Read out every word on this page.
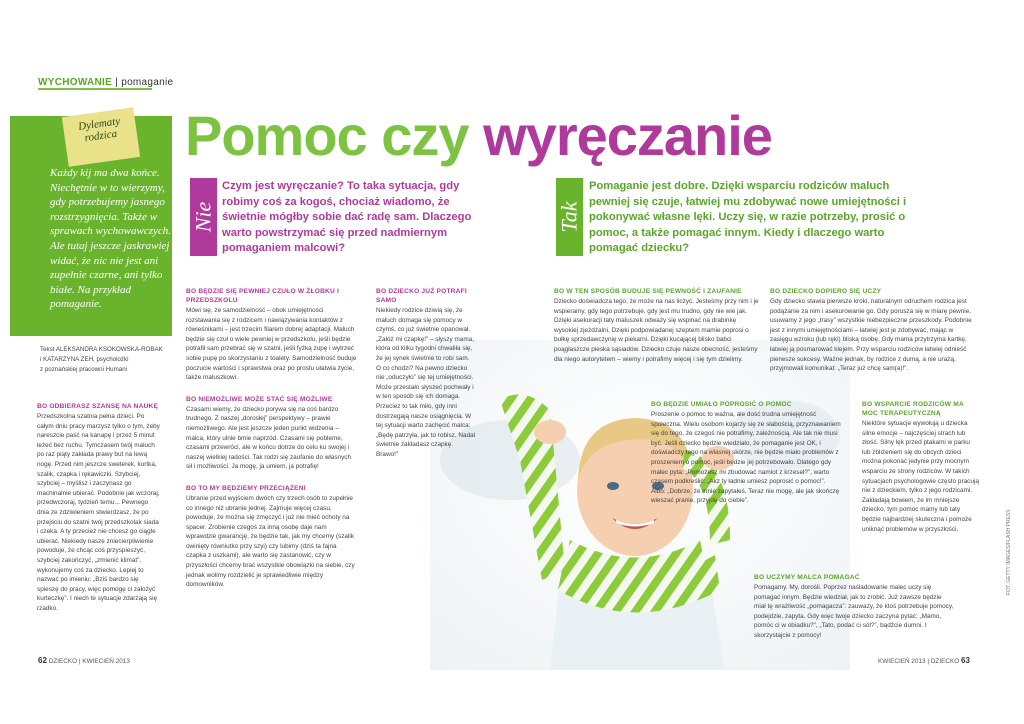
WYCHOWANIE | pomaganie
Dylematy rodzica
Każdy kij ma dwa końce. Niechętnie w to wierzymy, gdy potrzebujemy jasnego rozstrzygnięcia. Także w sprawach wychowawczych. Ale tutaj jeszcze jaskrawiej widać, że nic nie jest ani zupełnie czarne, ani tylko białe. Na przykład pomaganie.
Tekst ALEKSANDRA KSOKOWSKA-ROBAK
i KATARZYNA ZEH, psycholożki
z poznańskiej pracowni Humani
Pomoc czy wyręczanie
Nie
Czym jest wyręczanie? To taka sytuacja, gdy robimy coś za kogoś, chociaż wiadomo, że świetnie mógłby sobie dać radę sam. Dlaczego warto powstrzymać się przed nadmiernym pomaganiem malcowi?
Tak
Pomaganie jest dobre. Dzięki wsparciu rodziców maluch pewniej się czuje, łatwiej mu zdobywać nowe umiejętności i pokonywać własne lęki. Uczy się, w razie potrzeby, prosić o pomoc, a także pomagać innym. Kiedy i dlaczego warto pomagać dziecku?
BO ODBIERASZ SZANSĘ NA NAUKĘ

Przedszkolna szatnia pełna dzieci. Po całym dniu pracy marzysz tylko o tym, żeby nareszcie paść na kanapę i przez 5 minut leżeć bez ruchu. Tymczasem twój maluch po raz piąty zakłada prawy but na lewą nogę. Przed nim jeszcze sweterek, kurtka, szalik, czapka i rękawiczki. Szybciej, szybciej – myślisz i zaczynasz go machinalnie ubierać. Podobnie jak wczoraj, przedwczoraj, tydzień temu... Pewnego dnia ze zdziwieniem stwierdzasz, że po przejściu do szatni twój przedszkolak siada i czeka. A ty przecież nie chcesz go ciągle ubierać. Niekiedy nasze zniecierpliwienie powoduje, że chcąc coś przyspieszyć, szybciej zakończyć, „zmienić klimat”, wykonujemy coś za dziecko. Lepiej to nazwać po imieniu: „Bziś bardzo się spieszę do pracy, więc pomogę ci założyć kurteczkę”. I niech te sytuacje zdarzają się rzadko.

BO BĘDZIE SIĘ PEWNIEJ CZUŁO W ŻŁOBKU I PRZEDSZKOLU

Mówi się, że samodzielność – obok umiejętności rozstawania się z rodzicem i nawiązywania kontaktów z rówieśnikami – jest trzecim filarem dobrej adaptacji. Maluch będzie się czuł o wiele pewniej w przedszkolu, jeśli będzie potrafił sam przebrać się w szatni, jeśli fyżką zupę i wytrzeć sobie pupę po skorzystaniu z toalety. Samodzielność buduje poczucie wartości i sprawstwa oraz po prostu ułatwia życie, także maluszkowi.

BO NIEMOŻLIWE MOŻE STAĆ SIĘ MOŻLIWE

Czasami wiemy, że dziecko porywa się na coś bardzo trudnego. Z naszej „dorosłej” perspektywy – prawie niemożliwego. Ale jest jeszcze jeden punkt widzenia – malca, który ulnie bmie naprzód. Czasami się pobleme, czasami przewróci, ale w końcu dotrze do celu ku swojej i naszej wielkiej radości. Tak rodzi się zaufanie do własnych sił i możliwości. Ja mogę, ja umiem, ja potrafię!

BO TO MY BĘDZIEMY PRZECIĄŻENI

Ubranie przed wyjściem dwóch czy trzech osób to zupełnie co innego niż ubranie jednej. Zajmuje więcej czasu, powoduje, że można się zmęczyć i już nie mieć ochoty na spacer. Zrobienie czegoś za inną osobę daje nam wprawdzie gwarancję, że będzie tak, jak my chcemy (szalik owinięty równiutko przy szyi) czy lubimy (dziś ta fajna czapka z uszkami), ale warto się zastanowić, czy w przyszłości chcemy brać wszystkie obowiązki na siebie, czy jednak wolimy rozdzielić je sprawiedliwie między domowników.

BO DZIECKO JUŻ POTRAFI SAMO

Niekiedy rodzice dziwią się, że maluch domaga się pomocy w czymś, co już świetnie opanował. „Załóż mi czapkę!” – słyszy mama, która od kilku tygodni chwaliła się, że jej synek świetnie to robi sam. O co chodzi? Na pewno dziecko nie „oduczyło” się tej umiejętności. Może przestało słyszeć pochwały i w ten sposób się ich domaga. Przeciez to tak miło, gdy inni dostrzegają nasze osiągnięcia. W tej sytuacji warto zachęcić malca: „Będę patrzyła, jak to robisz. Nadal świetnie zakładasz czapkę. Brawo!”

BO W TEN SPOSÓB BUDUJE SIĘ PEWNOŚĆ I ZAUFANIE

Dziecko doświadcza tego, że może na nas liczyć. Jesteśmy przy nim i je wspieramy, gdy tego potrzebuje, gdy jest mu trudno, gdy nie wie jak. Dzięki asekuracji taty maluszek odważy się wspinać na drabinkę wysokiej zjeżdżalni. Dzięki podpowiadanej szeptem mamie poprosi o bułkę sprzedawczynię w piekarni. Dzięki kucającej blisko babci poągłaszcze pieska sąsiadów. Dziecko czuje nasze obecność, jesteśmy dla niego autorytetem – wiemy i potrafimy więcej i się tym dzielimy.

BO BĘDZIE UMIAŁO POPROSIĆ O POMOC

Proszenie o pomoc to ważna, ale dość trudna umiejętność społeczna. Wielu osobom kojarzy się ze słabością, przyznawaniem się do tego, że czegoś nie potrafimy, zależnością. Ale tak nie musi być. Jeśli dziecko będzie wiedziało, że pomaganie jest OK, i doświadczy tego na własnej skórze, nie będzie miało problemów z proszeniem o pomoc, jeśli będzie jej potrzebowało. Dlatego gdy malec pyta: „Pomożesz mi zbudować namiot z krzeseł?”, warto czasem podkreślić: „Akz ty ładnie umiesz poprosić o pomoc!”. Albo: „Dobrze, że mnie zapytałeś. Teraz nie mogę, ale jak skończę wieszać pranie, przyjdę do ciebie”.

BO UCZYMY MALCA POMAGAĆ

Pomagamy. My, dorośli. Poprzez naśladowanie malec uczy się pomagać innym. Będzie wiedział, jak to zrobić. Już zawsze będzie miał tę wrażliwość „pomagacza”: zauważy, że ktoś potrzebuje pomocy, podejdzie, zapyta. Gdy więc twoje dziecko zaczyna pytać: „Mamo, pomóc ci w obiadku?”, „Tato, podać ci sól?”, bądźcie dumni. I skorzystajcie z pomocy!

BO DZIECKO DOPIERO SIĘ UCZY

Gdy dziecko stawia pierwsze kroki, naturalnym odruchem rodzica jest podążanie za nim i asekurowanie go. Gdy porusza się w miarę pewnie, usuwamy z jego „trasy” wszystkie niebezpieczne przeszkody. Podobnie jest z innymi umiejętnościami – łatwiej jest je zdobywać, mając w zasięgu wzroku (lub ręki) bliską osobę. Gdy mama przytrzyma kartkę, łatwiej ją posmarować klejem. Przy wsparciu rodziców łatwiej odnieść pierwsze sukcesy. Ważne jednak, by rodzice z dumą, a nie urażą, przyjmowali komunikat: „Teraz już chcę sam(a)!”.

BO WSPARCIE RODZICÓW MA MOC TERAPEUTYCZNĄ

Niektóre sytuacje wywołują u dziecka silne emocje – najczęściej strach lub złość. Silny lęk przed ptakami w parku lub zbliżeniem się do obcych dzieci można pokonać jedynie przy mocnym wsparciu ze strony rodziców. W takich sytuacjach psychologowie często pracują nie z dzieckiem, tylko z jego rodzicami. Zakładają bowiem, że im mniejsze dziecko, tym pomoc mamy lub taty będzie najbardziej skuteczna i pomoże uniknąć problemów w przyszłości.

62 DZIECKO | KWIECIEŃ 2013	KWIECIEŃ 2013 | DZIECKO 63
FOT. GETTY IMAGES/FLASH PRESS
